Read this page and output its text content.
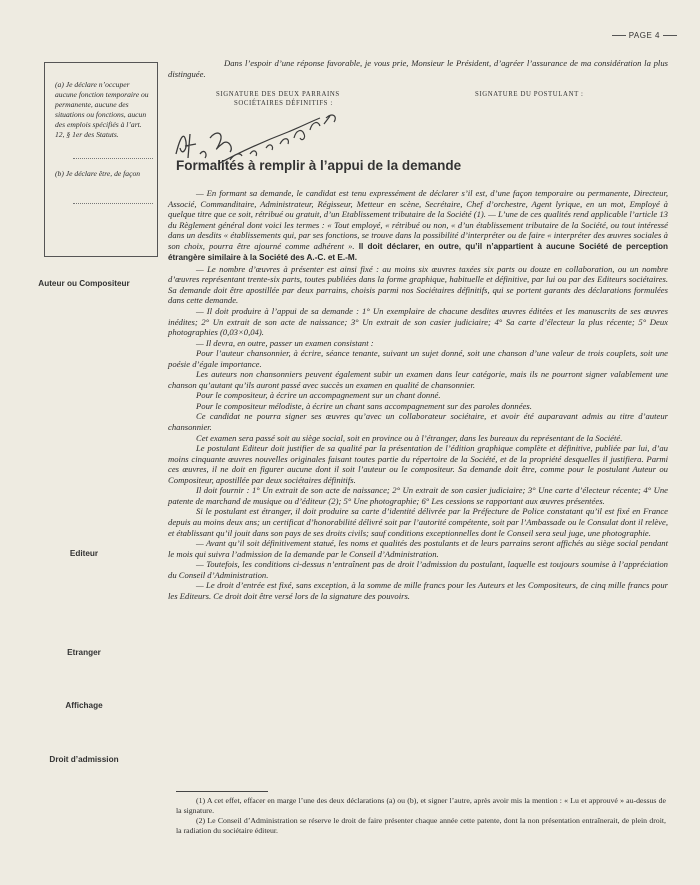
PAGE 4
(a) Je déclare n’occuper aucune fonction temporaire ou permanente, aucune des situations ou fonctions, aucun des emplois spécifiés à l’art. 12, § 1er des Statuts.
(b) Je déclare être, de façon
Auteur ou Compositeur
Editeur
Etranger
Affichage
Droit d’admission

Dans l’espoir d’une réponse favorable, je vous prie, Monsieur le Président, d’agréer l’assurance de ma considération la plus distinguée.

SIGNATURE DES DEUX PARRAINS
SOCIÉTAIRES DÉFINITIFS :
SIGNATURE DU POSTULANT :
Formalités à remplir à l’appui de la demande

— En formant sa demande, le candidat est tenu expressément de déclarer s’il est, d’une façon temporaire ou permanente, Directeur, Associé, Commanditaire, Administrateur, Régisseur, Metteur en scène, Secrétaire, Chef d’orchestre, Agent lyrique, en un mot, Employé à quelque titre que ce soit, rétribué ou gratuit, d’un Etablissement tributaire de la Société (1). — L’une de ces qualités rend applicable l’article 13 du Règlement général dont voici les termes : « Tout employé, « rétribué ou non, « d’un établissement tributaire de la Société, ou tout intéressé dans un desdits « établissements qui, par ses fonctions, se trouve dans la possibilité d’interpréter ou de faire « interpréter des œuvres sociales à son choix, pourra être ajourné comme adhérent ». Il doit déclarer, en outre, qu’il n’appartient à aucune Société de perception étrangère similaire à la Société des A.-C. et E.-M.

— Le nombre d’œuvres à présenter est ainsi fixé : au moins six œuvres taxées six parts ou douze en collaboration, ou un nombre d’œuvres représentant trente-six parts, toutes publiées dans la forme graphique, habituelle et définitive, par lui ou par des Editeurs sociétaires. Sa demande doit être apostillée par deux parrains, choisis parmi nos Sociétaires définitifs, qui se portent garants des déclarations formulées dans cette demande.

— Il doit produire à l’appui de sa demande : 1° Un exemplaire de chacune desdites œuvres éditées et les manuscrits de ses œuvres inédites; 2° Un extrait de son acte de naissance; 3° Un extrait de son casier judiciaire; 4° Sa carte d’électeur la plus récente; 5° Deux photographies (0,03×0,04).

— Il devra, en outre, passer un examen consistant :

Pour l’auteur chansonnier, à écrire, séance tenante, suivant un sujet donné, soit une chanson d’une valeur de trois couplets, soit une poésie d’égale importance.

Les auteurs non chansonniers peuvent également subir un examen dans leur catégorie, mais ils ne pourront signer valablement une chanson qu’autant qu’ils auront passé avec succès un examen en qualité de chansonnier.

Pour le compositeur, à écrire un accompagnement sur un chant donné.

Pour le compositeur mélodiste, à écrire un chant sans accompagnement sur des paroles données.

Ce candidat ne pourra signer ses œuvres qu’avec un collaborateur sociétaire, et avoir été auparavant admis au titre d’auteur chansonnier.

Cet examen sera passé soit au siège social, soit en province ou à l’étranger, dans les bureaux du représentant de la Société.

Le postulant Editeur doit justifier de sa qualité par la présentation de l’édition graphique complète et définitive, publiée par lui, d’au moins cinquante œuvres nouvelles originales faisant toutes partie du répertoire de la Société, et de la propriété desquelles il justifiera. Parmi ces œuvres, il ne doit en figurer aucune dont il soit l’auteur ou le compositeur. Sa demande doit être, comme pour le postulant Auteur ou Compositeur, apostillée par deux sociétaires définitifs.

Il doit fournir : 1° Un extrait de son acte de naissance; 2° Un extrait de son casier judiciaire; 3° Une carte d’électeur récente; 4° Une patente de marchand de musique ou d’éditeur (2); 5° Une photographie; 6° Les cessions se rapportant aux œuvres présentées.

Si le postulant est étranger, il doit produire sa carte d’identité délivrée par la Préfecture de Police constatant qu’il est fixé en France depuis au moins deux ans; un certificat d’honorabilité délivré soit par l’autorité compétente, soit par l’Ambassade ou le Consulat dont il relève, et établissant qu’il jouit dans son pays de ses droits civils; sauf conditions exceptionnelles dont le Conseil sera seul juge, une photographie.

— Avant qu’il soit définitivement statué, les noms et qualités des postulants et de leurs parrains seront affichés au siège social pendant le mois qui suivra l’admission de la demande par le Conseil d’Administration.

— Toutefois, les conditions ci-dessus n’entraînent pas de droit l’admission du postulant, laquelle est toujours soumise à l’appréciation du Conseil d’Administration.

— Le droit d’entrée est fixé, sans exception, à la somme de mille francs pour les Auteurs et les Compositeurs, de cinq mille francs pour les Editeurs. Ce droit doit être versé lors de la signature des pouvoirs.

(1) A cet effet, effacer en marge l’une des deux déclarations (a) ou (b), et signer l’autre, après avoir mis la mention : « Lu et approuvé » au-dessus de la signature.
(2) Le Conseil d’Administration se réserve le droit de faire présenter chaque année cette patente, dont la non présentation entraînerait, de plein droit, la radiation du sociétaire éditeur.
